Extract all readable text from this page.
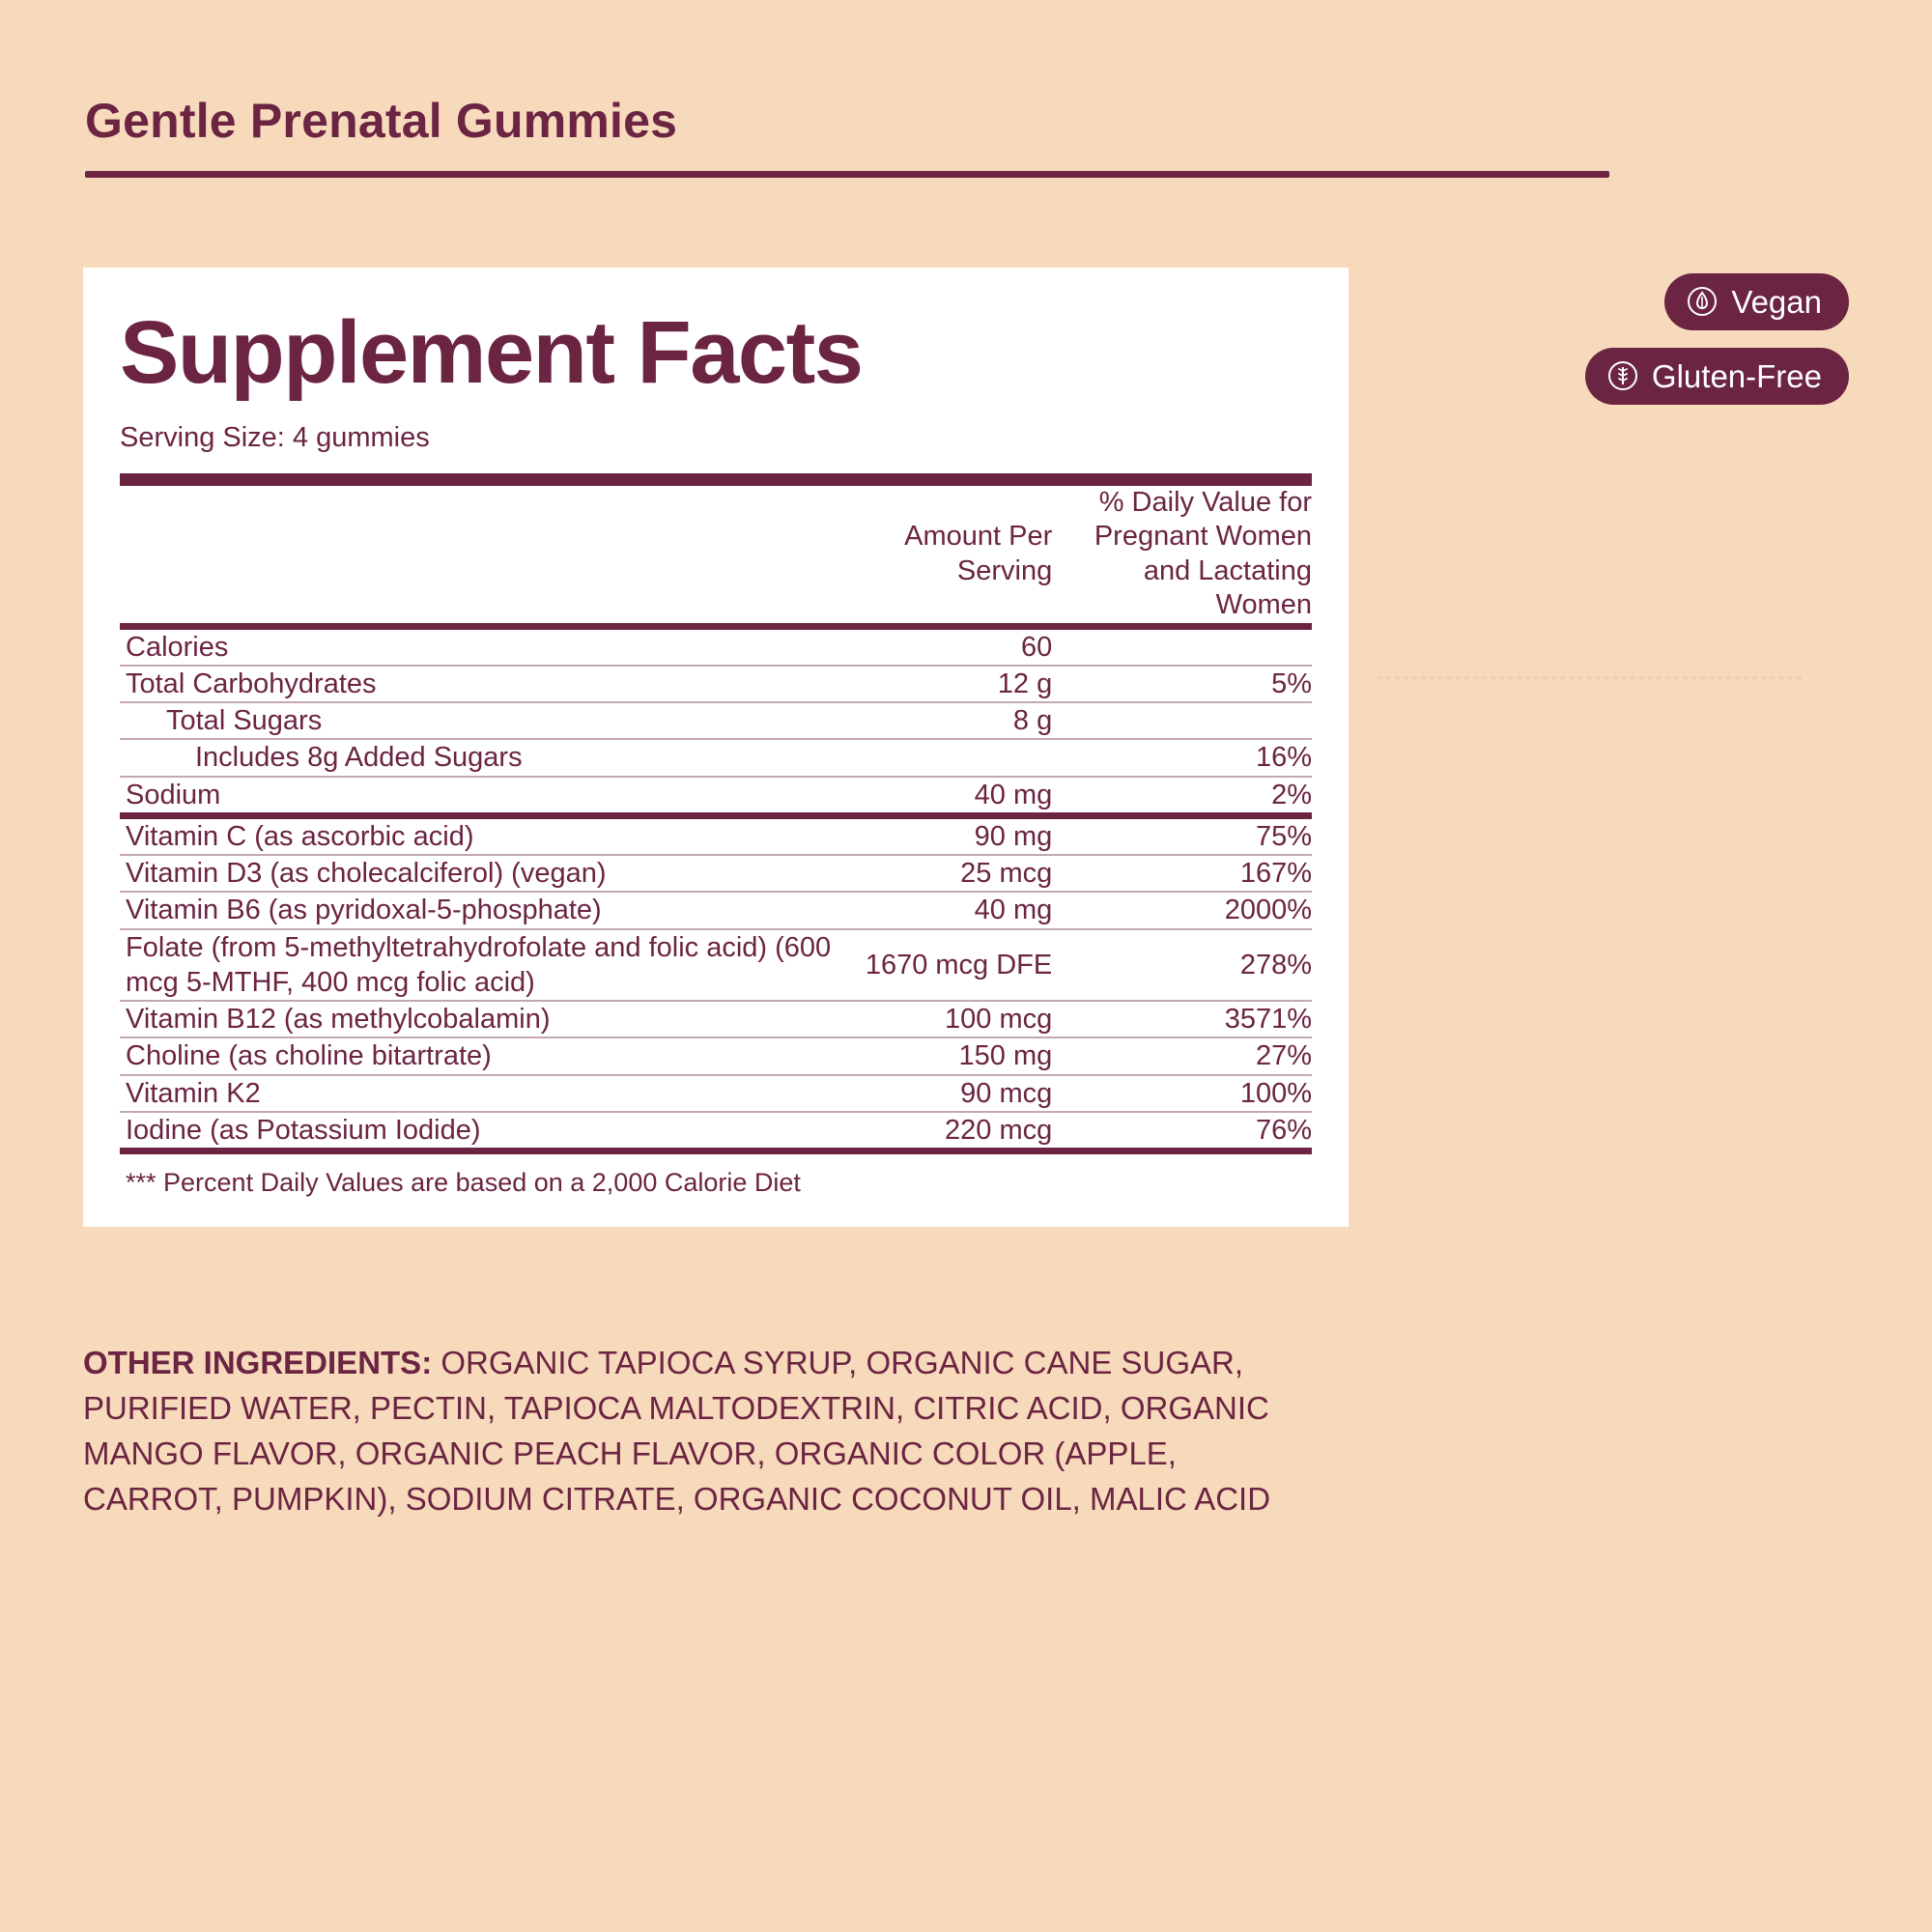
Gentle Prenatal Gummies
Vegan
Gluten-Free
Supplement Facts
Serving Size: 4 gummies
	Amount Per Serving	% Daily Value for Pregnant Women and Lactating Women

Calories	60	

Total Carbohydrates	12 g	5%

Total Sugars	8 g	

Includes 8g Added Sugars		16%

Sodium	40 mg	2%

Vitamin C (as ascorbic acid)	90 mg	75%

Vitamin D3 (as cholecalciferol) (vegan)	25 mcg	167%

Vitamin B6 (as pyridoxal-5-phosphate)	40 mg	2000%

Folate (from 5-methyltetrahydrofolate and folic acid) (600 mcg 5-MTHF, 400 mcg folic acid)	1670 mcg DFE	278%

Vitamin B12 (as methylcobalamin)	100 mcg	3571%

Choline (as choline bitartrate)	150 mg	27%

Vitamin K2	90 mcg	100%

Iodine (as Potassium Iodide)	220 mcg	76%

*** Percent Daily Values are based on a 2,000 Calorie Diet
OTHER INGREDIENTS: ORGANIC TAPIOCA SYRUP, ORGANIC CANE SUGAR, PURIFIED WATER, PECTIN, TAPIOCA MALTODEXTRIN, CITRIC ACID, ORGANIC MANGO FLAVOR, ORGANIC PEACH FLAVOR, ORGANIC COLOR (APPLE, CARROT, PUMPKIN), SODIUM CITRATE, ORGANIC COCONUT OIL, MALIC ACID
